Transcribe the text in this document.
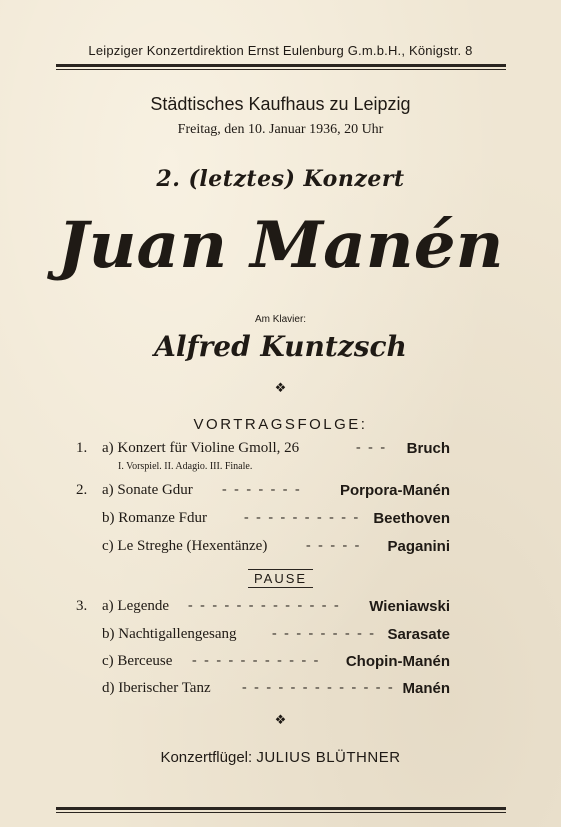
Leipziger Konzertdirektion Ernst Eulenburg G.m.b.H., Königstr. 8
Städtisches Kaufhaus zu Leipzig
Freitag, den 10. Januar 1936, 20 Uhr
2. (letztes) Konzert
Juan Manén
Am Klavier:
Alfred Kuntzsch
❖
VORTRAGSFOLGE:
1. a) Konzert für Violine Gmoll, 26	- - - Bruch
I. Vorspiel. II. Adagio. III. Finale.
2. a) Sonate Gdur - - - - - - -	Porpora-Manén
b) Romanze Fdur	- - - - - - - - - - Beethoven
c) Le Streghe (Hexentänze)	- - - - - Paganini
PAUSE
3. a) Legende - - - - - - - - - - - - - Wieniawski
b) Nachtigallengesang	- - - - - - - - - Sarasate
c) Berceuse - - - - - - - - - - - Chopin-Manén
d) Iberischer Tanz - - - - - - - - - - - - - Manén
❖
Konzertflügel: JULIUS BLÜTHNER
